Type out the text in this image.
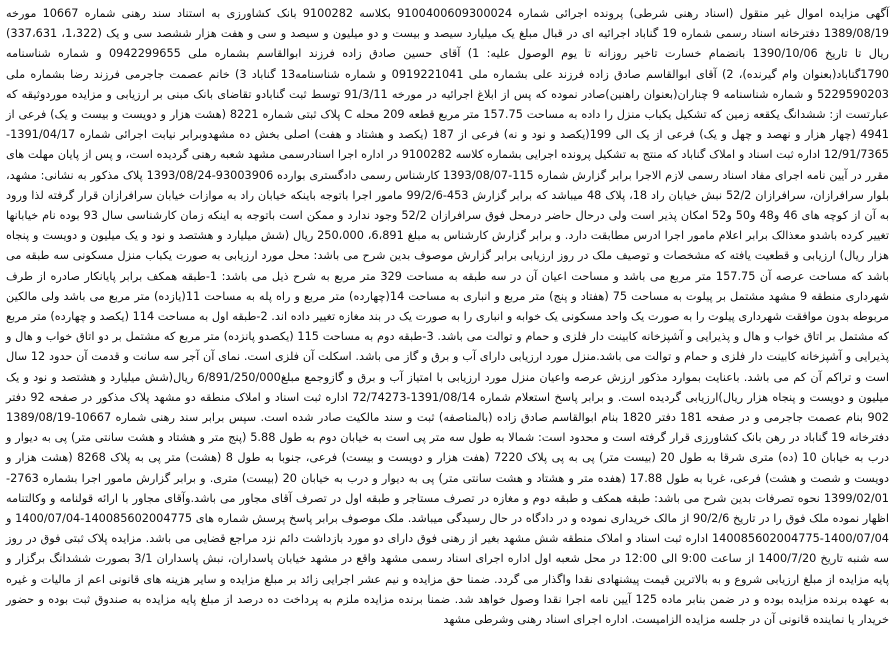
آگهی مزایده اموال غیر منقول (اسناد رهنی شرطی) پرونده اجرائی شماره 9100400609300024 بکلاسه 9100282 بانک کشاورزی به استناد سند رهنی شماره 10667 مورخه 1389/08/19 دفترخانه اسناد رسمی شماره 19 گناباد اجرائیه ای در قبال مبلغ یک میلیارد سیصد و بیست و دو میلیون و سیصد و سی و هفت هزار ششصد سی و یک (1،322، 337،631) ریال تا تاریخ 1390/10/06 بانضمام خسارت تاخیر روزانه تا یوم الوصول علیه: 1) آقای حسین صادق زاده فرزند ابوالقاسم بشماره ملی 0942299655 و شماره شناسنامه 1790گناباد(بعنوان وام گیرنده)، 2) آقای ابوالقاسم صادق زاده فرزند علی بشماره ملی 0919221041 و شماره شناسنامه13 گناباد 3) خانم عصمت جاجرمی فرزند رضا بشماره ملی 5229590203 و شماره شناسنامه 9 چناران(بعنوان راهنین)صادر نموده که پس از ابلاغ اجرائیه در مورخه 91/3/11 توسط ثبت گنابادو تقاضای بانک مبنی بر ارزیابی و مزایده موردوثیقه که عبارتست از: ششدانگ یکقعه زمین که تشکیل یکباب منزل را داده به مساحت 157.75 متر مربع قطعه 209 محله C پلاک ثبتی شماره 8221 (هشت هزار و دویست و بیست و یک) فرعی از 4941 (چهار هزار و نهصد و چهل و یک) فرعی از یک الی 199(یکصد و نود و نه) فرعی از 187 (یکصد و هشتاد و هفت) اصلی بخش ده مشهدوبرابر نیابت اجرائی شماره 1391/04/17-12/91/7365 اداره ثبت اسناد و املاک گناباد که منتج به تشکیل پرونده اجرایی بشماره کلاسه 9100282 در اداره اجرا اسنادرسمی مشهد شعبه رهنی گردیده است، و پس از پایان مهلت های مقرر در آیین نامه اجرای مفاد اسناد رسمی لازم الاجرا برابر گزارش شماره 115-1393/08/07 کارشناس رسمی دادگستری بوارده 93003906-1393/08/24 پلاک مذکور به نشانی: مشهد، بلوار سرافرازان، سرافرازان 52/2 نبش خیابان راد 18، پلاک 48 میباشد که برابر گزارش 453-99/2/6 مامور اجرا باتوجه باینکه خیابان راد به موازات خیابان سرافرازان قرار گرفته لذا ورود به آن از کوچه های 46 و48 و50 و52 امکان پذیر است ولی درحال حاضر درمحل فوق سرافرازان 52/2 وجود ندارد و ممکن است باتوجه به اینکه زمان کارشناسی سال 93 بوده نام خیابانها تغییر کرده باشدو معذالک برابر اعلام مامور اجرا ادرس مطابقت دارد. و برابر گزارش کارشناس به مبلغ 6،891، 250،000 ریال (شش میلیارد و هشتصد و نود و یک میلیون و دویست و پنجاه هزار ریال) ارزیابی و قطعیت یافته که مشخصات و توصیف ملک در روز ارزیابی برابر گزارش موصوف بدین شرح می باشد: محل مورد ارزیابی به صورت یکباب منزل مسکونی سه طبقه می باشد که مساحت عرصه آن 157.75 متر مربع می باشد و مساحت اعیان آن در سه طبقه به مساحت 329 متر مربع به شرح ذیل می باشد: 1-طبقه همکف برابر پایانکار صادره از طرف شهرداری منطقه 9 مشهد مشتمل بر پیلوت به مساحت 75 (هفتاد و پنج) متر مربع و انباری به مساحت 14(چهارده) متر مربع و راه پله به مساحت 11(یازده) متر مربع می باشد ولی مالکین مربوطه بدون موافقت شهرداری پیلوت را به صورت یک واحد مسکونی یک خوابه و انباری را به صورت یک در بند مغازه تغییر داده اند. 2-طبقه اول به مساحت 114 (یکصد و چهارده) متر مربع که مشتمل بر اتاق خواب و هال و پذیرایی و آشپزخانه کابینت دار فلزی و حمام و توالت می باشد. 3-طبقه دوم به مساحت 115 (یکصدو پانزده) متر مربع که مشتمل بر دو اتاق خواب و هال و پذیرایی و آشپزخانه کابینت دار فلزی و حمام و توالت می باشد.منزل مورد ارزیابی دارای آب و برق و گاز می باشد. اسکلت آن فلزی است. نمای آن آجر سه سانت و قدمت آن حدود 12 سال است و تراکم آن کم می باشد. باعنایت بموارد مذکور ارزش عرصه واعیان منزل مورد ارزیابی با امتیاز آب و برق و گازوجمع مبلغ6/891/250/000 ریال(شش میلیارد و هشتصد و نود و یک میلیون و دویست و پنجاه هزار ریال)ارزیابی گردیده است. و برابر پاسخ استعلام شماره 1391/08/14-72/74273 اداره ثبت اسناد و املاک منطقه دو مشهد پلاک مذکور در صفحه 92 دفتر 902 بنام عصمت جاجرمی و در صفحه 181 دفتر 1820 بنام ابوالقاسم صادق زاده (بالمناصفه) ثبت و سند مالکیت صادر شده است. سپس برابر سند رهنی شماره 10667-1389/08/19 دفترخانه 19 گناباد در رهن بانک کشاورزی قرار گرفته است و محدود است: شمالا به طول سه متر پی است به خیابان دوم به طول 5.88 (پنج متر و هشتاد و هشت سانتی متر) پی به دیوار و درب به خیابان 10 (ده) متری شرقا به طول 20 (بیست متر) پی به پی پلاک 7220 (هفت هزار و دویست و بیست) فرعی، جنوبا به طول 8 (هشت) متر پی به پلاک 8268 (هشت هزار و دویست و شصت و هشت) فرعی، غربا به طول 17.88 (هفده متر و هشتاد و هشت سانتی متر) پی به دیوار و درب به خیابان 20 (بیست) متری. و برابر گزارش مامور اجرا بشماره 2763-1399/02/01 نحوه تصرفات بدین شرح می باشد: طبقه همکف و طبقه دوم و مغازه در تصرف مستاجر و طبقه اول در تصرف آقای مجاور می باشد.وآقای مجاور با ارائه قولنامه و وکالتنامه اظهار نموده ملک فوق را در تاریخ 90/2/6 از مالک خریداری نموده و در دادگاه در حال رسیدگی میباشد. ملک موصوف برابر پاسخ پرسش شماره های 140085602004775-1400/07/04 و 1400/07/04-140085602004775 اداره ثبت اسناد و املاک منطقه شش مشهد بغیر از رهنی فوق دارای دو مورد بازداشت دائم نزد مراجع قضایی می باشد. مزایده پلاک ثبتی فوق در روز سه شنبه تاریخ 1400/7/20 از ساعت 9:00 الی 12:00 در محل شعبه اول اداره اجرای اسناد رسمی مشهد واقع در مشهد خیابان پاسداران، نبش پاسداران 3/1 بصورت ششدانگ برگزار و پایه مزایده از مبلغ ارزیابی شروع و به بالاترین قیمت پیشنهادی نقدا واگذار می گردد. ضمنا حق مزایده و نیم عشر اجرایی زائد بر مبلغ مزایده و سایر هزینه های قانونی اعم از مالیات و غیره به عهده برنده مزایده بوده و در ضمن بنابر ماده 125 آیین نامه اجرا نقدا وصول خواهد شد. ضمنا برنده مزایده ملزم به پرداخت ده درصد از مبلغ پایه مزایده به صندوق ثبت بوده و حضور خریدار یا نماینده قانونی آن در جلسه مزایده الزامیست. اداره اجرای اسناد رهنی وشرطی مشهد
